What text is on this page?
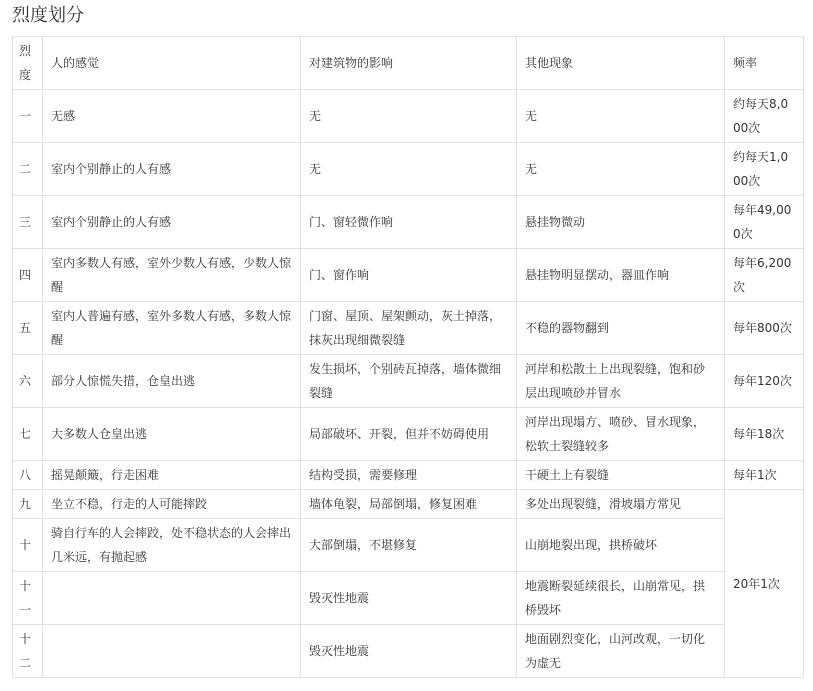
烈度划分
烈度	人的感觉	对建筑物的影响	其他现象	频率
一	无感	无	无	约每天8,000次
二	室内个别静止的人有感	无	无	约每天1,000次
三	室内个别静止的人有感	门、窗轻微作响	悬挂物微动	每年49,000次
四	室内多数人有感，室外少数人有感，少数人惊醒	门、窗作响	悬挂物明显摆动，器皿作响	每年6,200次
五	室内人普遍有感，室外多数人有感，多数人惊醒	门窗、屋顶、屋架颤动，灰土掉落，抹灰出现细微裂缝	不稳的器物翻到	每年800次
六	部分人惊慌失措，仓皇出逃	发生损坏，个别砖瓦掉落，墙体微细裂缝	河岸和松散土上出现裂缝，饱和砂层出现喷砂并冒水	每年120次
七	大多数人仓皇出逃	局部破坏、开裂，但并不妨碍使用	河岸出现塌方、喷砂、冒水现象，松软土裂缝较多	每年18次
八	摇晃颠簸，行走困难	结构受损，需要修理	干硬土上有裂缝	每年1次
九	坐立不稳，行走的人可能摔跤	墙体龟裂，局部倒塌，修复困难	多处出现裂缝，滑坡塌方常见	20年1次
十	骑自行车的人会摔跤，处不稳状态的人会摔出几米远，有抛起感	大部倒塌，不堪修复	山崩地裂出现，拱桥破坏	
十一		毁灭性地震	地震断裂延续很长，山崩常见，拱桥毁坏	
十二		毁灭性地震	地面剧烈变化，山河改观，一切化为虚无	
